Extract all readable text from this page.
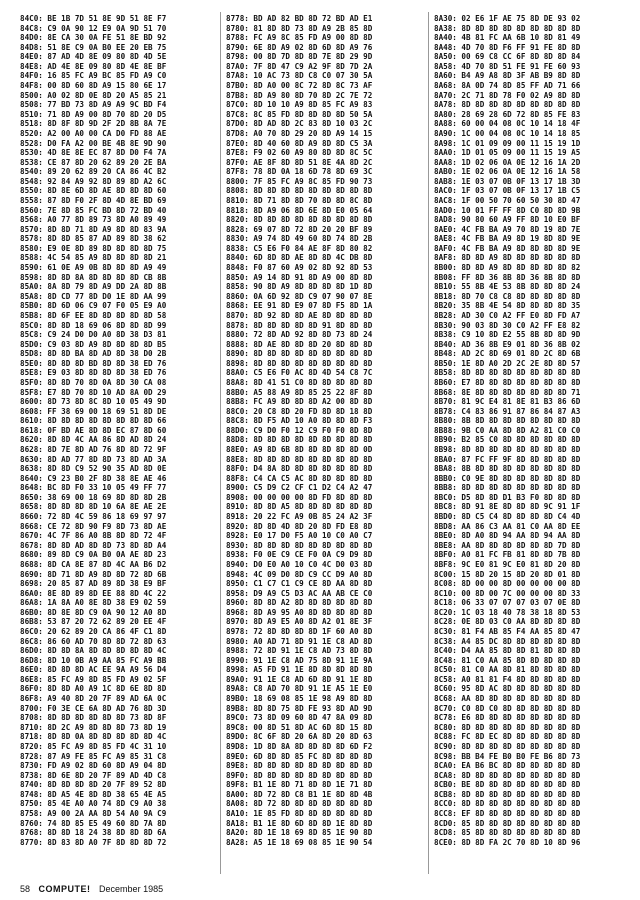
84C0: BE 1B 7D 51 8E 9D 51 8E F7
84C8: C9 0A 90 12 E9 0A 9D 51 70
84D0: 8E CA 30 0A FE 51 8E BD 92
84D8: 51 8E C9 0A B0 EE 20 EB 75
84E0: 87 AD 4D 8E 09 80 8D 4D 5E
84E8: AD 4E 8E 09 80 8D 4E 8E BF
84F0: 16 85 FC A9 BC 85 FD A9 C0
84F8: 00 8D 60 8D A9 15 80 6E 17
8500: A0 02 8D 0E 8D 20 A5 85 21
8508: 77 BD 73 8D A9 A9 9C BD F4
8510: 71 8D A9 00 8D 70 8D 20 D5
8518: 8D 8F 8D 9D 2F 2D 8B 8A 7E
8520: A2 00 A0 00 CA D0 FD 88 AE
8528: D0 FA A2 00 BE 4B 8E 9D 90
8530: 4D 8E 8E EC 87 8D D0 F4 7A
8538: CE 87 8D 20 62 89 20 2E BA
8540: 89 20 62 89 20 CA 86 4C B2
8548: 92 84 A9 92 8D 89 8D A2 6C
8550: 8D 8E 6D 8D AE 8D 8D 8D 60
8558: 87 8D F0 2F 8D 4D 8E BD 69
8560: 7E 8D 85 FC BD 8D 72 BD 40
8568: A0 77 8D 89 73 8D A0 89 49
8570: 8D 8D 71 8D A9 8D 8D 83 9A
8578: 8D 8D 85 87 AD 89 8D 38 62
8580: E9 0E 8D 89 8D 8D 8D 8D 75
8588: 4C 54 85 A9 8D 8D 8D 8D 21
8590: 61 0E A9 0B 8D 8D 8D A9 49
8598: 8D 8D 8A 8D 8D 8D 8D CB 8B
85A0: 8A 8D 79 8D A9 DD 2A 8D 8B
85A8: 8D CD 77 8D D0 1E 8D AA 99
85B0: 8D 6D 06 C9 07 F0 05 E9 A0
85B8: 8D 6F EE 8D 8D 8D 8D 8D 58
85C0: 8D 8D 18 69 06 8D 8D 8D 99
85C8: C9 24 D0 D0 A0 8D 38 D3 81
85D0: C9 03 8D A9 8D 8D 8D 8D B5
85D8: 8D 8D BA 8D AD 8D 38 D0 2B
85E0: 8D 8D 8D BD 8D 8D 38 ED 76
85E8: E9 03 8D 8D 8D 8D 38 ED 76
85F0: 8D 8D 70 8D 0A 8D 30 CA 08
85F8: E7 8D 70 8D 10 AD 8A 0D 29
8600: 8D 73 8D 8C 8D 10 05 49 9D
8608: FF 38 69 00 18 69 51 8D DE
8610: 8D 8D 8D 8D 8D 8D 8D 8D 66
8618: 0F BD AE 8D 8D EC 87 8D 60
8620: 8D 8D 4C AA 86 8D AD 8D 24
8628: 8D 7E 8D AD 76 8D 8D 72 9F
8630: 8D AD 77 8D 8D 73 8D AD 3A
8638: 8D 8D C9 52 90 35 AD 8D 0E
8640: C9 23 B0 2F 8D 38 8E AE 46
8648: BC 8D F0 33 10 05 49 FF 77
8650: 38 69 00 18 69 8D 8D 8D 2B
8658: 8D 8D 8D 8D 10 6A 8E AE 2E
8660: 72 8D 4C 59 86 18 69 97 97
8668: CE 72 8D 90 F9 8D 73 8D AE
8670: 4C 7F 86 A0 8B 8D 8D 72 4F
8678: 8D 8D AD 8D 8D 73 8D 8D A4
8680: 89 8D C9 0A B0 0A AE 8D 23
8688: 8D CA 8E 87 8D 4C AA B6 D2
8690: 8D 71 8D A9 8D 8D 72 8D 6B
8698: 20 85 87 AD 89 8D 38 E9 BF
86A0: 8E 8D 89 8D EE 88 8D 4C 22
86A8: 1A 8A A0 8E 8D 38 E9 02 59
86B0: 8D 8E 8D C9 0A 90 12 A0 8D
86B8: 53 87 20 72 62 89 20 EE 4F
86C0: 20 62 89 20 CA 86 4F C1 8D
86C8: 86 60 AD 70 8D 8D 72 8D 63
86D0: 8D 8D 8A 8D 8D 8D 8D 8D 4C
86D8: 8D 10 0B A9 AA 85 FC A9 BB
86E0: 8D 8D 8D AC EE 9A A9 56 D4
86E8: 85 FC A9 8D 85 FD A9 02 5F
86F0: 8D 8D A0 A9 1C 8D 6E 8D 8D
86F8: A9 40 8D 20 7F 89 AD 6A 0C
8700: F0 3E CE 6A 8D AD 76 8D 3D
8708: 8D 8D 8D 8D 8D 8D 73 8D 8F
8710: 8D 2C A9 8D 8D 8D 73 8D 19
8718: 8D 8D 0A 8D 8D 8D 8D 8D 4C
8720: 85 FC A9 8D 85 FD 4C 31 10
8728: 87 A9 FE 85 FC A9 85 31 C8
8730: FD A9 02 8D 60 8D A9 04 8D
8738: 8D 6E 8D 20 7F 89 AD 4D C8
8740: 8D 8D 8D 8D 20 7F 89 52 8D
8748: 8D A5 4E 8D 8D 38 65 4E A5
8750: 85 4E A0 A0 74 8D C9 A0 38
8758: A9 00 2A AA 8D 54 A0 9A C9
8760: 74 8D 85 E5 49 60 8D 7A 8D
8768: 8D 8D 18 24 38 8D 8D 8D 6A
8770: 8D 83 8D A0 7F 8D 8D 8D 72
8778: BD AD 82 BD 8D 72 BD AD E1
8780: 81 8D 8D 73 8D A9 2B 85 8D
8788: FC A9 8C 85 FD A9 00 8D 8D
8790: 6E 8D A9 02 8D 6D 8D A9 76
8798: 00 8D 7D 8D 8D 7E 8D 29 9D
87A0: 7F 8D 47 C9 A2 9F 8D 7D 2A
87A8: 10 AC 73 8D C8 C0 07 30 5A
87B0: 8D A0 00 8C 72 8D 8C 73 AF
87B8: 8D A9 80 8D 70 8D 2C 7E 72
87C0: 8D 10 10 A9 8D 85 FC A9 83
87C8: 8C 85 FD 8D 8D 8D 8D 50 5A
87D0: 8D AD 8D 2C 83 8D 10 03 2C
87D8: A0 70 8D 29 20 8D A9 14 15
87E0: 8D 40 60 8D A9 8D 8D C5 3A
87E8: F9 02 60 A9 80 8D 8D 8C 5C
87F0: AE 8F 8D 8D 51 8E 4A 8D 2C
87F8: 78 8D 0A 18 6D 78 8D 69 3C
8800: 7F 85 FC A9 8C 85 FD 90 73
8808: 8D 8D 8D 8D 8D 8D 8D 8D 8D
8810: 8D 71 8D 8D 70 8D 8D 8C 8D
8818: 8D A9 06 8D 6E 8D E0 05 64
8820: 8D 8D 8D 8D 8D 8D 8D 8D 8D
8828: 69 07 8D 72 8D 20 20 BF 89
8830: A9 74 8D 49 60 8D 74 8D 2B
8838: C5 E6 F0 84 AE 8F 8D 80 82
8840: 6D 8D 8D AE 8D 8D 4C DB 8D
8848: F0 87 60 A9 02 8D 92 8D 53
8850: A9 14 8D 91 8D A9 00 8D 8D
8858: 90 8D A9 8D 8D 8D 8D 1D 8D
8860: 0A 6D 92 8D C9 07 90 07 8E
8868: EE 91 8D E9 07 8D F5 8D 1A
8870: 8D 92 8D 8D AE 8D 8D 8D 8D
8878: 8D 8D 8D 8D 8D 91 8D 8D 8D
8880: 72 8D AD 92 8D 8D 73 8D 24
8888: 8D AE 8D 8D 8D 20 8D 8D 8D
8890: 8D 8D 8D 8D 8D 8D 8D 8D 8D
8898: 8D 8D 8D 8D 8D 8D 8D 8D 8D
88A0: C5 E6 F0 AC 8D 4D 54 C8 7C
88A8: 8D 41 51 C0 8D 8D 8D 8D 8D
88B0: A5 88 A9 8D 85 25 22 8F 8D
88B8: FC A9 8D 8D 8D A2 00 8D 8D
88C0: 20 C8 8D 20 FD 8D 8D 18 8D
88C8: 8D F5 AD 10 A0 8D 8D 8D F3
88D0: C9 D0 F0 12 C9 F0 F0 8D 8D
88D8: 8D 8D 8D 8D 8D 8D 8D 8D 8D
88E0: A9 8D 6B 8D 8D 8D 8D 8D 0D
88E8: 8D 8D 8D 8D 8D 8D 8D 8D 8D
88F0: D4 8A 8D 8D 8D 8D 8D 8D 8D
88F8: C4 CA C5 AC 8D 8D 8D 8D 8D
8900: C5 D9 C2 CF C1 D2 C4 A2 47
8908: 00 00 00 00 8D FD 8D 8D 8D
8910: 8D 8D A5 8D 8D 8D 8D 8D 8D
8918: 20 22 FC A9 0B 85 24 A2 3F
8920: 8D 8D 4D 8D 20 8D FD E8 8D
8928: E0 17 D0 F5 A0 10 C0 A0 C7
8930: 8D 8D 8D 8D 8D 8D 8D 8D 8D
8938: F0 0E C9 CE F0 0A C9 D9 8D
8940: D0 E0 A0 10 C0 4C D0 03 8D
8948: 4C 09 D0 8D C9 CC D9 A0 8D
8950: C1 C7 C1 C9 CE 8D AA 8D 8D
8958: D9 A9 C5 D3 AC AA AB CE C0
8960: 8D 8D A2 8D 8D 8D 8D 8D 8D
8968: 8D A9 95 A0 8D 8D 8D 8D 8D
8970: 8D A9 E5 A0 8D A2 01 8E 3F
8978: 72 8D 8D 8D 8D 1F 60 A0 8D
8980: A0 AD 71 8D 91 1E C8 AD 8D
8988: 72 8D 91 1E C8 AD 73 8D 8D
8990: 91 1E C8 AD 75 8D 91 1E 9A
8998: A5 FD 91 1E 8D 8D 8D 8D 8D
89A0: 91 1E C8 AD 6D 8D 91 1E 8D
89A8: C8 AD 70 8D 91 1E A5 1E E0
89B0: 18 69 08 85 1E 98 A9 8D 8D
89B8: 8D 8D 75 8D FE 93 8D AD 9D
89C0: 73 8D 09 60 8D 47 8A 09 8D
89C8: 00 8D 51 8D AC 6D 8D 15 8D
89D0: 8C 6F 8D 20 6A 8D 20 8D 63
89D8: 1D 8D 8A 8D 8D 8D 8D 6D F2
89E0: 6D 8D 8D 85 FC 8D 8D 8D 8D
89E8: 8D 8D 8D 8D 8D 8D 8D 8D 8D
89F0: 8D 8D 8D 8D 8D 8D 8D 8D 8D
89F8: B1 1E 8D 71 8D 8D 1E 71 8D
8A00: 8D 72 8D C8 B1 1E 8D 8D 4B
8A08: 8D 72 8D 8D 8D 8D 8D 8D 8D
8A10: 1E 85 FD 8D 8D 8D 8D 8D 8D
8A18: B1 1E 8D 6D 8D 8D 1E 8D 8D
8A20: 8D 1E 18 69 8D 85 1E 90 8D
8A28: A5 1E 18 69 08 85 1E 90 54
8A30: 02 E6 1F AE 75 8D DE 93 02
8A38: 8D 8D 8D 8D 8D 8D 8D 8D 8D
8A40: 4B 81 FC AA 6B 10 8D 81 49
8A48: 4D 70 8D F6 FF 91 FE 8D 8D
8A50: 00 69 C8 CC 6F 8D 8D 8D 84
8A58: 4D 70 8D 51 FE 91 FE 60 93
8A60: B4 A9 A8 8D 3F AB B9 8D 8D
8A68: 8A 0D 74 8D 85 FF AD 71 66
8A70: 2C 71 8D 78 F0 02 A9 8D 8D
8A78: 8D 8D 8D 8D 8D 8D 8D 8D 8D
8A80: 28 69 28 6D 72 8D 85 FE 83
8A88: 60 00 04 08 0C 10 14 18 4F
8A90: 1C 00 04 08 0C 10 14 18 85
8A98: 1C 01 09 09 00 11 15 19 1D
8AA0: 1D 01 05 09 00 11 15 19 A5
8AA8: 1D 02 06 0A 0E 12 16 1A 2D
8AB0: 1E 02 06 0A 0E 12 16 1A 58
8AB8: 1E 03 07 0B 0F 13 17 1B 3D
8AC0: 1F 03 07 0B 0F 13 17 1B C5
8AC8: 1F 00 50 70 60 50 30 8D 47
8AD0: 10 01 FF FF 8D C0 8D 8D 9B
8AD8: 90 80 60 A9 FF 8D 10 E0 BF
8AE0: 4C FB BA A9 70 8D 19 8D 7E
8AE8: 4C FB BA A9 8D 19 8D 8D 9E
8AF0: 4C FB BA A9 8D 8D 8D 8D 9E
8AF8: 8D 8D A9 8D 8D 8D 8D 8D 8D
8B00: 8D 8D A9 8D 8D 8D 8D 8D 82
8B08: FF 8D 36 8B 8D 36 8B 8D 8D
8B10: 55 8B 4E 53 8B 8D 8D 8D 24
8B18: 8D 70 C8 C8 8D 8D 8D 8D 8D
8B20: 35 8B 4E 54 8D 8D 8D 8D 35
8B28: AD 30 C0 A2 FF E0 8D FD A7
8B30: 90 03 8D 30 C0 A2 FF E8 82
8B38: C9 10 8D E2 55 8B 8D 8D 9D
8B40: AD 36 8B E9 01 8D 36 8B 02
8B48: AD 2C 8D 69 01 8D 2C 8D 6B
8B50: 1E 8D A0 2D 2C 2E 8D 8D 57
8B58: 8D 8D 8D 8D 8D 8D 8D 8D 8D
8B60: E7 8D 8D 8D 8D 8D 8D 8D 8D
8B68: 8E 8D 8D 8D 8D 8D 8D 8D 71
8B70: 81 9C E4 81 8E 81 B3 86 6D
8B78: C4 83 86 91 87 86 84 87 A3
8B80: 8B 8D 8D 8D 8D 8D 8D 8D 8D
8B88: 9B C0 AA 8D 8D A2 81 C0 C0
8B90: B2 85 C0 8D 8D 8D 8D 8D 8D
8B98: 8D 8D 8D 8D 8D 8D 8D 8D 8D
8BA0: 87 FC FF 9F 8D 8D 8D 8D 8D
8BA8: 8B 8D 8D 8D 8D 8D 8D 8D 8D
8BB0: C0 9E 8D 8D 8D 8D 8D 8D 8D
8BB8: 8D 8D 8D 8D 8D 8D 8D 8D 8D
8BC0: D5 8D 8D D1 B3 F0 8D 8D 8D
8BC8: 8D 91 8E 8D 8D 8D 9C 91 1F
8BD0: 8D C5 C4 8D 8D 8D 8D C4 4D
8BD8: AA 86 C3 AA 81 C0 AA 8D EE
8BE0: 8D A0 8D 94 AA 8D 94 AA 8D
8BE8: AA 8D 8D 8D 8D 8D 8D 7D 8D
8BF0: A0 81 FC FB 81 8D 8D 7B 8D
8BF8: 9C E0 81 9C E0 81 8D 20 8D
8C00: 15 8D 20 15 8D 20 8D 01 8D
8C08: 8D 00 00 8D 00 00 00 00 8D
8C10: 00 8D 00 7C 00 00 00 8D 33
8C18: 06 33 07 07 07 03 07 0E 8D
8C20: 1C 03 18 40 78 38 18 8D 53
8C28: 0E 8D 03 C0 AA 8D 8D 8D 8D
8C30: 81 F4 AB 85 F4 AA 85 8D 47
8C38: A4 85 DC 8D 8D 8D 8D 8D 8D
8C40: D4 AA 85 8D 8D 81 8D 8D 8D
8C48: 81 C0 AA 85 8D 8D 8D 8D 8D
8C50: 81 C0 AA 8D 81 8D 8D 8D 8D
8C58: A0 81 81 F4 8D 8D 8D 8D 8D
8C60: 95 8D AC 8D 8D 8D 8D 8D 8D
8C68: AA 8D 8D 8D 8D 8D 8D 8D 8D
8C70: C0 8D C0 8D 8D 8D 8D 8D 8D
8C78: E6 8D 8D 8D 8D 8D 8D 8D 8D
8C80: 8D 8D 8D 8D 8D 8D 8D 8D 8D
8C88: FC 8D EC 8D 8D 8D 8D 8D 8D
8C90: 8D 8D 8D 8D 8D 8D 8D 8D 8D
8C98: BB B4 FE B0 B0 FE B6 8D 73
8CA0: EA B6 BC 8D 8D 8D 8D 8D 8D
8CA8: 8D 8D 8D 8D 8D 8D 8D 8D 8D
8CB0: BE 8D 8D 8D 8D 8D 8D 8D 8D
8CB8: 8D 8D 8D 8D 8D 8D 8D 8D 8D
8CC0: 8D 8D 8D 8D 8D 8D 8D 8D 8D
8CC8: EF 8D 8D 8D 8D 8D 8D 8D 8D
8CD0: 85 8D 8D 8D 8D 8D 8D 8D 8D
8CD8: 85 8D 8D 8D 8D 8D 8D 8D 8D
8CE0: 8D 8D FA 2C 70 8D 10 8D 96
58 COMPUTE! December 1985
